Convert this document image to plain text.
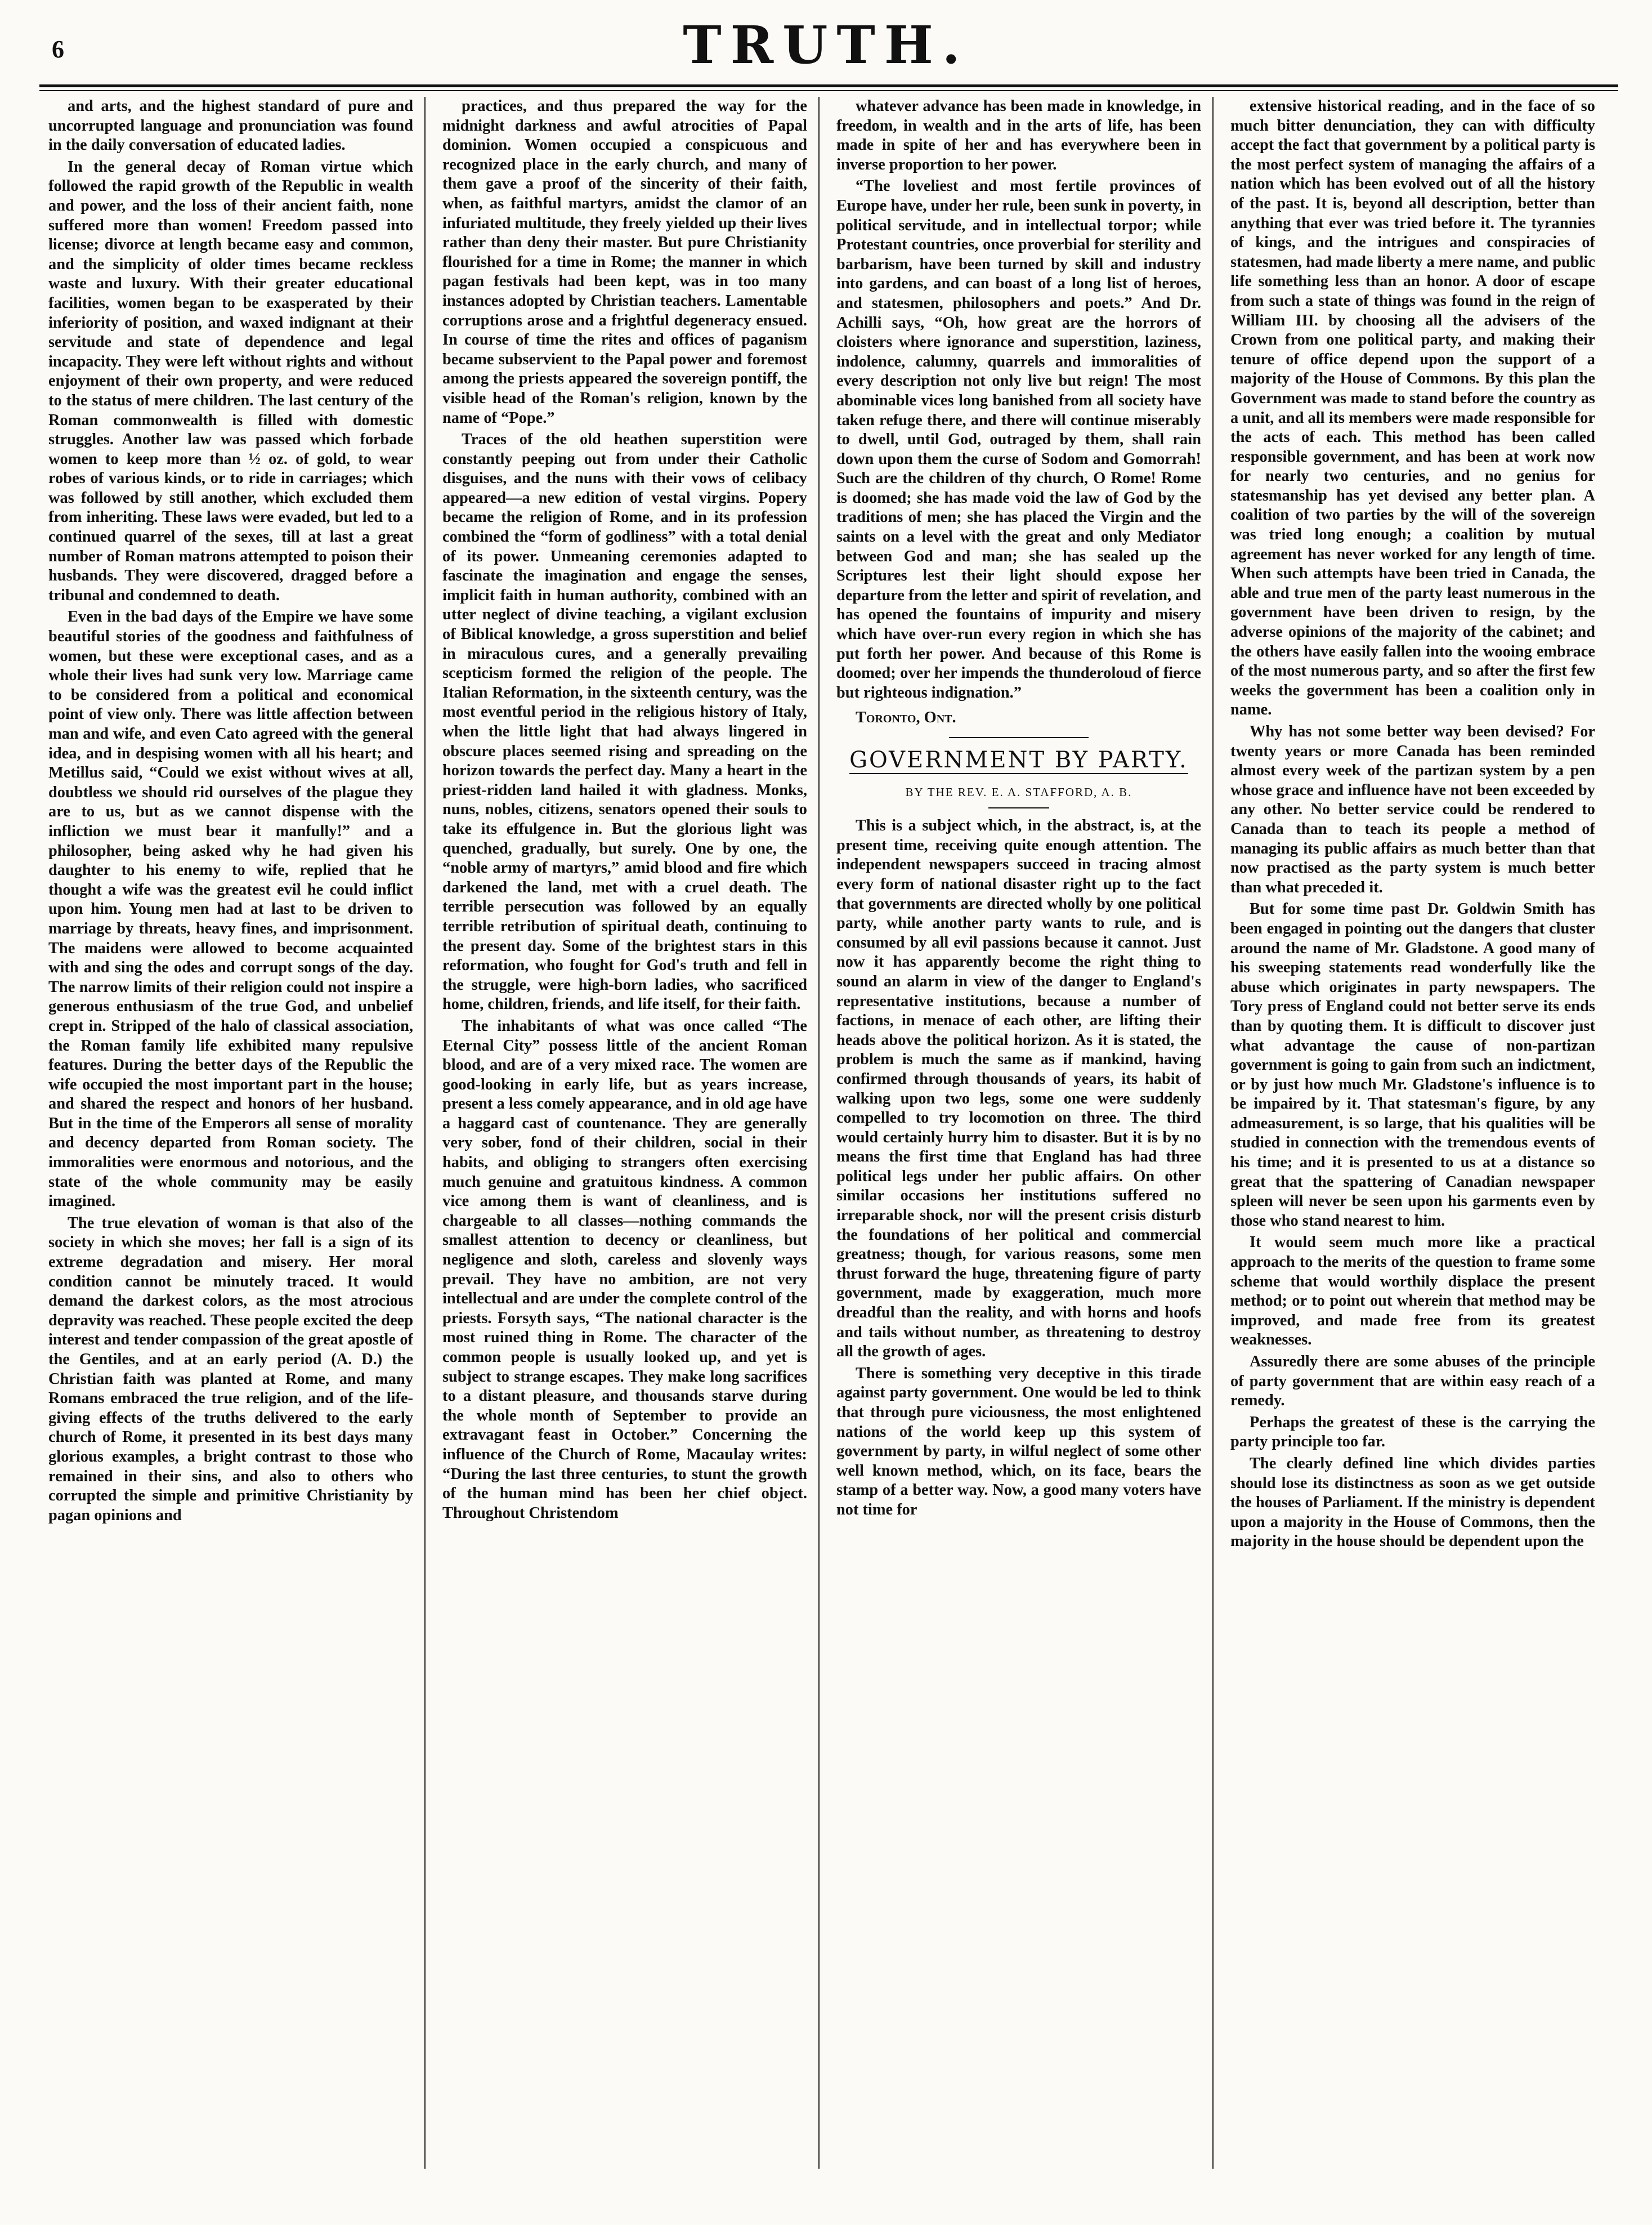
6	TRUTH.

and arts, and the highest standard of pure and uncorrupted language and pronunciation was found in the daily conversation of educated ladies.

In the general decay of Roman virtue which followed the rapid growth of the Republic in wealth and power, and the loss of their ancient faith, none suffered more than women! Freedom passed into license; divorce at length became easy and common, and the simplicity of older times became reckless waste and luxury. With their greater educational facilities, women began to be exasperated by their inferiority of position, and waxed indignant at their servitude and state of dependence and legal incapacity. They were left without rights and without enjoyment of their own property, and were reduced to the status of mere children. The last century of the Roman commonwealth is filled with domestic struggles. Another law was passed which forbade women to keep more than ½ oz. of gold, to wear robes of various kinds, or to ride in carriages; which was followed by still another, which excluded them from inheriting. These laws were evaded, but led to a continued quarrel of the sexes, till at last a great number of Roman matrons attempted to poison their husbands. They were discovered, dragged before a tribunal and condemned to death.

Even in the bad days of the Empire we have some beautiful stories of the goodness and faithfulness of women, but these were exceptional cases, and as a whole their lives had sunk very low. Marriage came to be considered from a political and economical point of view only. There was little affection between man and wife, and even Cato agreed with the general idea, and in despising women with all his heart; and Metillus said, “Could we exist without wives at all, doubtless we should rid ourselves of the plague they are to us, but as we cannot dispense with the infliction we must bear it manfully!” and a philosopher, being asked why he had given his daughter to his enemy to wife, replied that he thought a wife was the greatest evil he could inflict upon him. Young men had at last to be driven to marriage by threats, heavy fines, and imprisonment. The maidens were allowed to become acquainted with and sing the odes and corrupt songs of the day. The narrow limits of their religion could not inspire a generous enthusiasm of the true God, and unbelief crept in. Stripped of the halo of classical association, the Roman family life exhibited many repulsive features. During the better days of the Republic the wife occupied the most important part in the house; and shared the respect and honors of her husband. But in the time of the Emperors all sense of morality and decency departed from Roman society. The immoralities were enormous and notorious, and the state of the whole community may be easily imagined.

The true elevation of woman is that also of the society in which she moves; her fall is a sign of its extreme degradation and misery. Her moral condition cannot be minutely traced. It would demand the darkest colors, as the most atrocious depravity was reached. These people excited the deep interest and tender compassion of the great apostle of the Gentiles, and at an early period (A. D.) the Christian faith was planted at Rome, and many Romans embraced the true religion, and of the life-giving effects of the truths delivered to the early church of Rome, it presented in its best days many glorious examples, a bright contrast to those who remained in their sins, and also to others who corrupted the simple and primitive Christianity by pagan opinions and

practices, and thus prepared the way for the midnight darkness and awful atrocities of Papal dominion. Women occupied a conspicuous and recognized place in the early church, and many of them gave a proof of the sincerity of their faith, when, as faithful martyrs, amidst the clamor of an infuriated multitude, they freely yielded up their lives rather than deny their master. But pure Christianity flourished for a time in Rome; the manner in which pagan festivals had been kept, was in too many instances adopted by Christian teachers. Lamentable corruptions arose and a frightful degeneracy ensued. In course of time the rites and offices of paganism became subservient to the Papal power and foremost among the priests appeared the sovereign pontiff, the visible head of the Roman's religion, known by the name of “Pope.”

Traces of the old heathen superstition were constantly peeping out from under their Catholic disguises, and the nuns with their vows of celibacy appeared—a new edition of vestal virgins. Popery became the religion of Rome, and in its profession combined the “form of godliness” with a total denial of its power. Unmeaning ceremonies adapted to fascinate the imagination and engage the senses, implicit faith in human authority, combined with an utter neglect of divine teaching, a vigilant exclusion of Biblical knowledge, a gross superstition and belief in miraculous cures, and a generally prevailing scepticism formed the religion of the people. The Italian Reformation, in the sixteenth century, was the most eventful period in the religious history of Italy, when the little light that had always lingered in obscure places seemed rising and spreading on the horizon towards the perfect day. Many a heart in the priest-ridden land hailed it with gladness. Monks, nuns, nobles, citizens, senators opened their souls to take its effulgence in. But the glorious light was quenched, gradually, but surely. One by one, the “noble army of martyrs,” amid blood and fire which darkened the land, met with a cruel death. The terrible persecution was followed by an equally terrible retribution of spiritual death, continuing to the present day. Some of the brightest stars in this reformation, who fought for God's truth and fell in the struggle, were high-born ladies, who sacrificed home, children, friends, and life itself, for their faith.

The inhabitants of what was once called “The Eternal City” possess little of the ancient Roman blood, and are of a very mixed race. The women are good-looking in early life, but as years increase, present a less comely appearance, and in old age have a haggard cast of countenance. They are generally very sober, fond of their children, social in their habits, and obliging to strangers often exercising much genuine and gratuitous kindness. A common vice among them is want of cleanliness, and is chargeable to all classes—nothing commands the smallest attention to decency or cleanliness, but negligence and sloth, careless and slovenly ways prevail. They have no ambition, are not very intellectual and are under the complete control of the priests. Forsyth says, “The national character is the most ruined thing in Rome. The character of the common people is usually looked up, and yet is subject to strange escapes. They make long sacrifices to a distant pleasure, and thousands starve during the whole month of September to provide an extravagant feast in October.” Concerning the influence of the Church of Rome, Macaulay writes: “During the last three centuries, to stunt the growth of the human mind has been her chief object. Throughout Christendom

whatever advance has been made in knowledge, in freedom, in wealth and in the arts of life, has been made in spite of her and has everywhere been in inverse proportion to her power.

“The loveliest and most fertile provinces of Europe have, under her rule, been sunk in poverty, in political servitude, and in intellectual torpor; while Protestant countries, once proverbial for sterility and barbarism, have been turned by skill and industry into gardens, and can boast of a long list of heroes, and statesmen, philosophers and poets.” And Dr. Achilli says, “Oh, how great are the horrors of cloisters where ignorance and superstition, laziness, indolence, calumny, quarrels and immoralities of every description not only live but reign! The most abominable vices long banished from all society have taken refuge there, and there will continue miserably to dwell, until God, outraged by them, shall rain down upon them the curse of Sodom and Gomorrah! Such are the children of thy church, O Rome! Rome is doomed; she has made void the law of God by the traditions of men; she has placed the Virgin and the saints on a level with the great and only Mediator between God and man; she has sealed up the Scriptures lest their light should expose her departure from the letter and spirit of revelation, and has opened the fountains of impurity and misery which have over-run every region in which she has put forth her power. And because of this Rome is doomed; over her impends the thunderoloud of fierce but righteous indignation.”

Toronto, Ont.

GOVERNMENT BY PARTY.
BY THE REV. E. A. STAFFORD, A. B.

This is a subject which, in the abstract, is, at the present time, receiving quite enough attention. The independent newspapers succeed in tracing almost every form of national disaster right up to the fact that governments are directed wholly by one political party, while another party wants to rule, and is consumed by all evil passions because it cannot. Just now it has apparently become the right thing to sound an alarm in view of the danger to England's representative institutions, because a number of factions, in menace of each other, are lifting their heads above the political horizon. As it is stated, the problem is much the same as if mankind, having confirmed through thousands of years, its habit of walking upon two legs, some one were suddenly compelled to try locomotion on three. The third would certainly hurry him to disaster. But it is by no means the first time that England has had three political legs under her public affairs. On other similar occasions her institutions suffered no irreparable shock, nor will the present crisis disturb the foundations of her political and commercial greatness; though, for various reasons, some men thrust forward the huge, threatening figure of party government, made by exaggeration, much more dreadful than the reality, and with horns and hoofs and tails without number, as threatening to destroy all the growth of ages.

There is something very deceptive in this tirade against party government. One would be led to think that through pure viciousness, the most enlightened nations of the world keep up this system of government by party, in wilful neglect of some other well known method, which, on its face, bears the stamp of a better way. Now, a good many voters have not time for

extensive historical reading, and in the face of so much bitter denunciation, they can with difficulty accept the fact that government by a political party is the most perfect system of managing the affairs of a nation which has been evolved out of all the history of the past. It is, beyond all description, better than anything that ever was tried before it. The tyrannies of kings, and the intrigues and conspiracies of statesmen, had made liberty a mere name, and public life something less than an honor. A door of escape from such a state of things was found in the reign of William III. by choosing all the advisers of the Crown from one political party, and making their tenure of office depend upon the support of a majority of the House of Commons. By this plan the Government was made to stand before the country as a unit, and all its members were made responsible for the acts of each. This method has been called responsible government, and has been at work now for nearly two centuries, and no genius for statesmanship has yet devised any better plan. A coalition of two parties by the will of the sovereign was tried long enough; a coalition by mutual agreement has never worked for any length of time. When such attempts have been tried in Canada, the able and true men of the party least numerous in the government have been driven to resign, by the adverse opinions of the majority of the cabinet; and the others have easily fallen into the wooing embrace of the most numerous party, and so after the first few weeks the government has been a coalition only in name.

Why has not some better way been devised? For twenty years or more Canada has been reminded almost every week of the partizan system by a pen whose grace and influence have not been exceeded by any other. No better service could be rendered to Canada than to teach its people a method of managing its public affairs as much better than that now practised as the party system is much better than what preceded it.

But for some time past Dr. Goldwin Smith has been engaged in pointing out the dangers that cluster around the name of Mr. Gladstone. A good many of his sweeping statements read wonderfully like the abuse which originates in party newspapers. The Tory press of England could not better serve its ends than by quoting them. It is difficult to discover just what advantage the cause of non-partizan government is going to gain from such an indictment, or by just how much Mr. Gladstone's influence is to be impaired by it. That statesman's figure, by any admeasurement, is so large, that his qualities will be studied in connection with the tremendous events of his time; and it is presented to us at a distance so great that the spattering of Canadian newspaper spleen will never be seen upon his garments even by those who stand nearest to him.

It would seem much more like a practical approach to the merits of the question to frame some scheme that would worthily displace the present method; or to point out wherein that method may be improved, and made free from its greatest weaknesses.

Assuredly there are some abuses of the principle of party government that are within easy reach of a remedy.

Perhaps the greatest of these is the carrying the party principle too far.

The clearly defined line which divides parties should lose its distinctness as soon as we get outside the houses of Parliament. If the ministry is dependent upon a majority in the House of Commons, then the majority in the house should be dependent upon the
